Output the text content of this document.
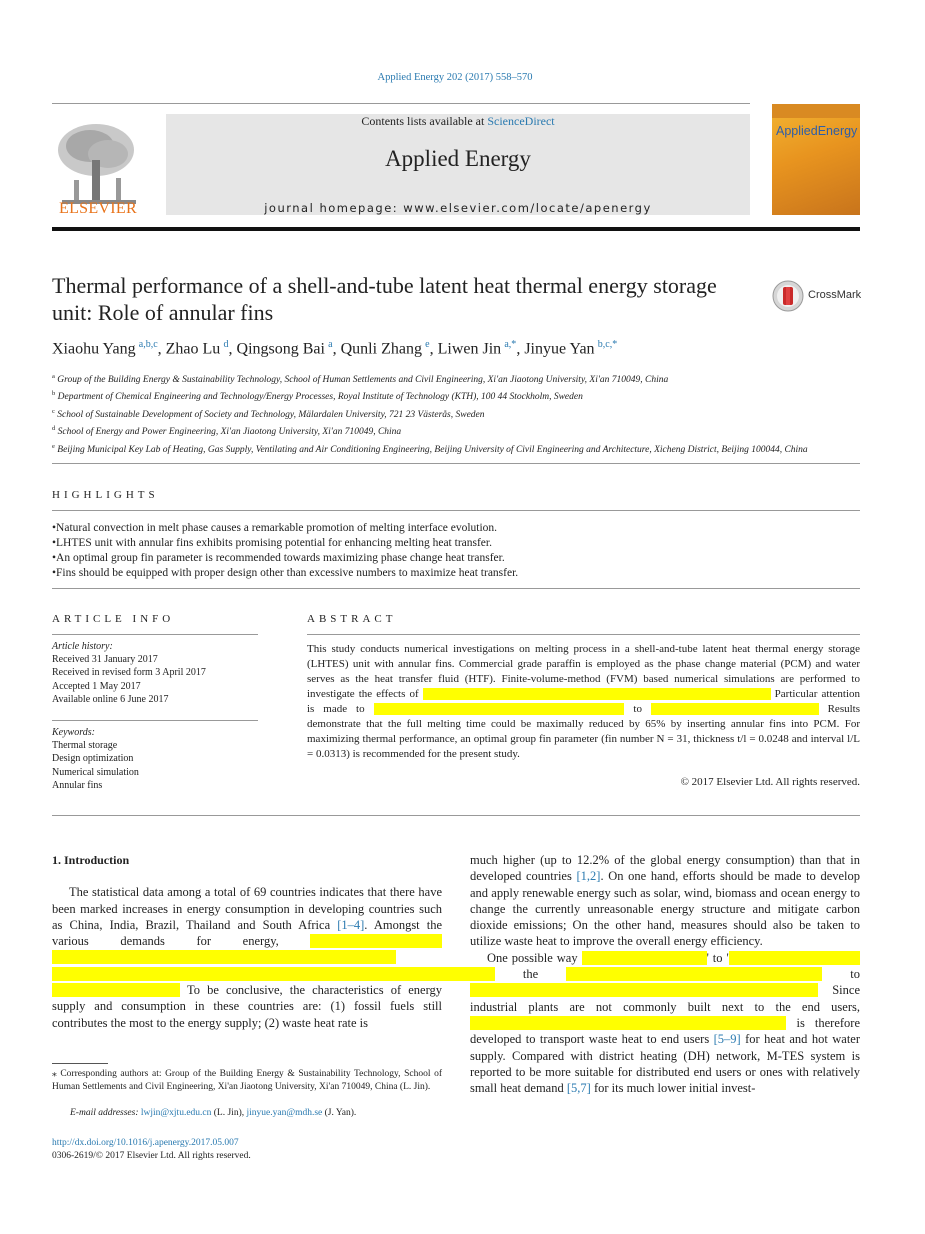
Applied Energy 202 (2017) 558–570
ELSEVIER
Contents lists available at ScienceDirect
Applied Energy
journal homepage: www.elsevier.com/locate/apenergy
AppliedEnergy
Thermal performance of a shell-and-tube latent heat thermal energy storage unit: Role of annular fins
CrossMark
Xiaohu Yang  $^{a,b,c}$, Zhao Lu  $^d$, Qingsong Bai  $^a$, Qunli Zhang  $^e$, Liwen Jin  $^{a,*}$, Jinyue Yan  $^{b,c,*}$
$^a$ Group of the Building Energy & Sustainability Technology, School of Human Settlements and Civil Engineering, Xi'an Jiaotong University, Xi'an 710049, China
$^b$ Department of Chemical Engineering and Technology/Energy Processes, Royal Institute of Technology (KTH), 100 44 Stockholm, Sweden
$^c$ School of Sustainable Development of Society and Technology, Mälardalen University, 721 23 Västerås, Sweden
$^d$ School of Energy and Power Engineering, Xi'an Jiaotong University, Xi'an 710049, China
$^e$ Beijing Municipal Key Lab of Heating, Gas Supply, Ventilating and Air Conditioning Engineering, Beijing University of Civil Engineering and Architecture, Xicheng District, Beijing 100044, China
HIGHLIGHTS
• Natural convection in melt phase causes a remarkable promotion of melting interface evolution.
• LHTES unit with annular fins exhibits promising potential for enhancing melting heat transfer.
• An optimal group fin parameter is recommended towards maximizing phase change heat transfer.
• Fins should be equipped with proper design other than excessive numbers to maximize heat transfer.
ARTICLE INFO
Article history:
Received 31 January 2017
Received in revised form 3 April 2017
Accepted 1 May 2017
Available online 6 June 2017
Keywords:
Thermal storage
Design optimization
Numerical simulation
Annular fins
ABSTRACT
This study conducts numerical investigations on melting process in a shell-and-tube latent heat thermal energy storage (LHTES) unit with annular fins. Commercial grade paraffin is employed as the phase change material (PCM) and water serves as the heat transfer fluid (HTF). Finite-volume-method (FVM) based numerical simulations are performed to investigate the effects of	Particular attention is made to	to	Results demonstrate that the full melting time could be maximally reduced by 65% by inserting annular fins into PCM. For maximizing thermal performance, an optimal group fin parameter (fin number N = 31, thickness t/l = 0.0248 and interval l/L = 0.0313) is recommended for the present study.
© 2017 Elsevier Ltd. All rights reserved.
1. Introduction
The statistical data among a total of 69 countries indicates that there have been marked increases in energy consumption in developing countries such as China, India, Brazil, Thailand and South Africa [1–4]. Amongst the various demands for energy, To be conclusive, the characteristics of energy supply and consumption in these countries are: (1) fossil fuels still contributes the most to the energy supply; (2) waste heat rate is
much higher (up to 12.2% of the global energy consumption) than that in developed countries [1,2]. On one hand, efforts should be made to develop and apply renewable energy such as solar, wind, biomass and ocean energy to change the currently unreasonable energy structure and mitigate carbon dioxide emissions; On the other hand, measures should also be taken to utilize waste heat to improve the overall energy efficiency.
One possible way	' to ' the	to Since industrial plants are not commonly built next to the end users, is therefore developed to transport waste heat to end users [5–9] for heat and hot water supply. Compared with district heating (DH) network, M-TES system is reported to be more suitable for distributed end users or ones with relatively small heat demand [5,7] for its much lower initial invest-
⁎ Corresponding authors at: Group of the Building Energy & Sustainability Technology, School of Human Settlements and Civil Engineering, Xi'an Jiaotong University, Xi'an 710049, China (L. Jin).
E-mail addresses: lwjin@xjtu.edu.cn (L. Jin), jinyue.yan@mdh.se (J. Yan).
http://dx.doi.org/10.1016/j.apenergy.2017.05.007
0306-2619/© 2017 Elsevier Ltd. All rights reserved.
